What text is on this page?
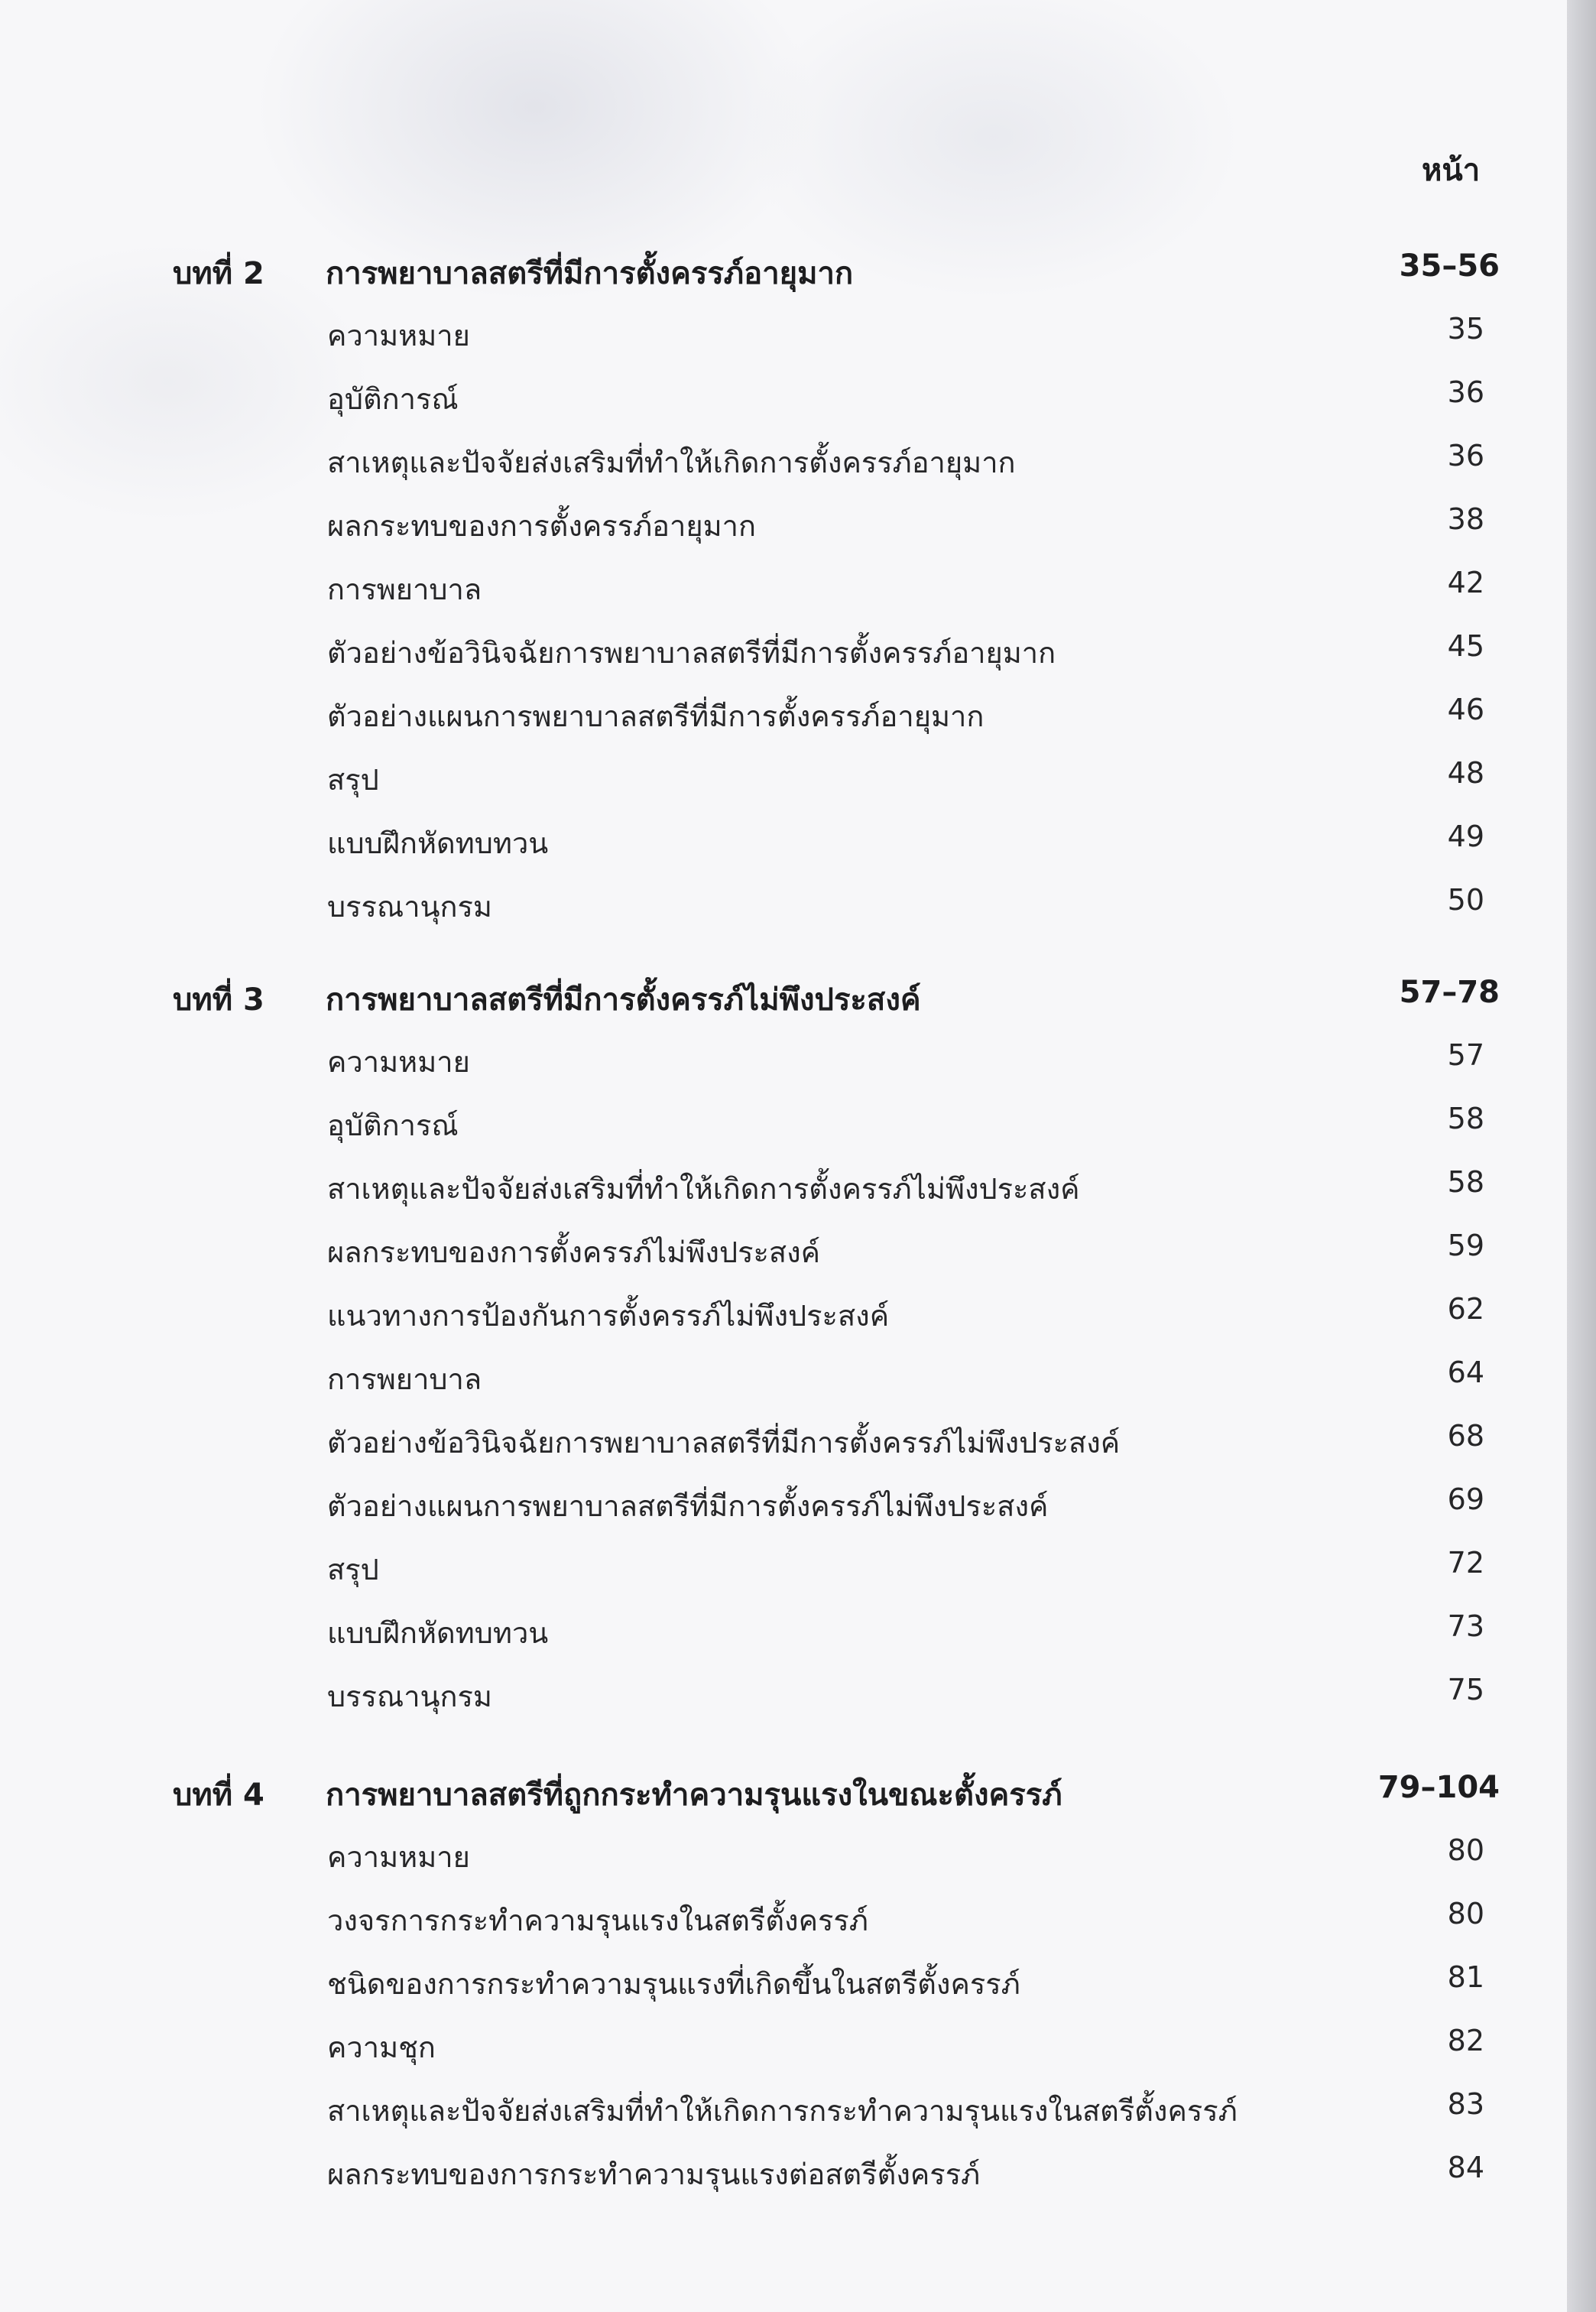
หน้า
บทที่ 2 การพยาบาลสตรีที่มีการตั้งครรภ์อายุมาก	35–56
ความหมาย	35
อุบัติการณ์	36
สาเหตุและปัจจัยส่งเสริมที่ทำให้เกิดการตั้งครรภ์อายุมาก	36
ผลกระทบของการตั้งครรภ์อายุมาก	38
การพยาบาล	42
ตัวอย่างข้อวินิจฉัยการพยาบาลสตรีที่มีการตั้งครรภ์อายุมาก	45
ตัวอย่างแผนการพยาบาลสตรีที่มีการตั้งครรภ์อายุมาก	46
สรุป	48
แบบฝึกหัดทบทวน	49
บรรณานุกรม	50
บทที่ 3 การพยาบาลสตรีที่มีการตั้งครรภ์ไม่พึงประสงค์	57–78
ความหมาย	57
อุบัติการณ์	58
สาเหตุและปัจจัยส่งเสริมที่ทำให้เกิดการตั้งครรภ์ไม่พึงประสงค์	58
ผลกระทบของการตั้งครรภ์ไม่พึงประสงค์	59
แนวทางการป้องกันการตั้งครรภ์ไม่พึงประสงค์	62
การพยาบาล	64
ตัวอย่างข้อวินิจฉัยการพยาบาลสตรีที่มีการตั้งครรภ์ไม่พึงประสงค์	68
ตัวอย่างแผนการพยาบาลสตรีที่มีการตั้งครรภ์ไม่พึงประสงค์	69
สรุป	72
แบบฝึกหัดทบทวน	73
บรรณานุกรม	75
บทที่ 4 การพยาบาลสตรีที่ถูกกระทำความรุนแรงในขณะตั้งครรภ์	79–104
ความหมาย	80
วงจรการกระทำความรุนแรงในสตรีตั้งครรภ์	80
ชนิดของการกระทำความรุนแรงที่เกิดขึ้นในสตรีตั้งครรภ์	81
ความชุก	82
สาเหตุและปัจจัยส่งเสริมที่ทำให้เกิดการกระทำความรุนแรงในสตรีตั้งครรภ์	83
ผลกระทบของการกระทำความรุนแรงต่อสตรีตั้งครรภ์	84
